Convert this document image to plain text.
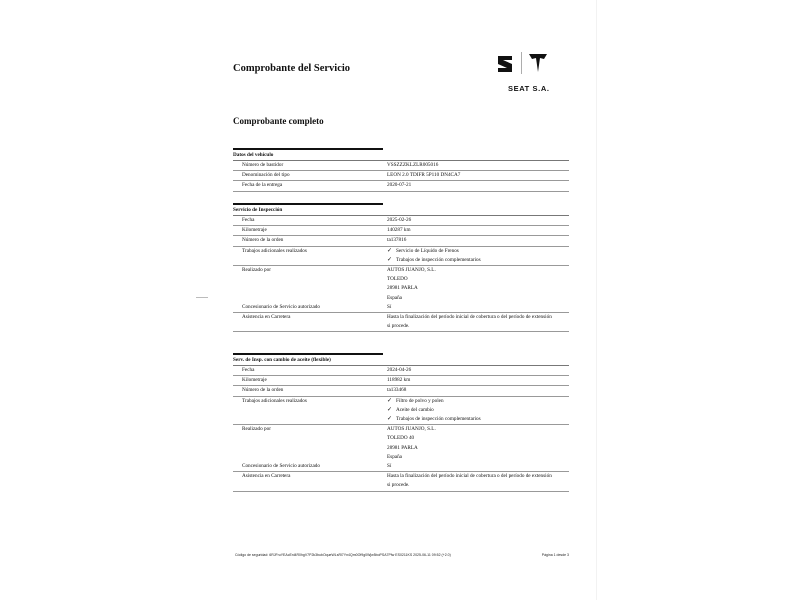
Comprobante del Servicio
Comprobante completo
SEAT S.A.
Datos del vehículo
Número de bastidor	VSSZZZKLZLR005016
Denominación del tipo	LEON 2.0 TDIFR 5P110 DN4CA7
Fecha de la entrega	2020-07-21
Servicio de Inspección
Fecha	2025-02-26
Kilometraje	140287 km
Número de la orden	ta137816
Trabajos adicionales realizados	✓ Servicio de Líquido de Frenos
✓ Trabajos de inspección complementarios
Realizado por	AUTOS JUANJO, S.L.
TOLEDO
28981 PARLA
España
Concesionario de Servicio autorizado	Sí
Asistencia en Carretera	Hasta la finalización del período inicial de cobertura o del período de extensión
si procede.
Serv. de Insp. con cambio de aceite (flexible)
Fecha	2024-04-26
Kilometraje	118982 km
Número de la orden	ta133468
Trabajos adicionales realizados	✓ Filtro de polvo y polen
✓ Aceite del cambio
✓ Trabajos de inspección complementarios
Realizado por	AUTOS JUANJO, S.L.
TOLEDO 40
28981 PARLA
España
Concesionario de Servicio autorizado	Sí
Asistencia en Carretera	Hasta la finalización del período inicial de cobertura o del período de extensión
si procede.
Código de seguridad: 6RJFruYEAcEnl4R0hgV7P2k3bubOqueWLsRl7Yn4Qm0Of9g0Wjw5boPSA7Pfw ES0211KS 2025-06-11 09:52 (+2.0)	Página 1 desde 3
